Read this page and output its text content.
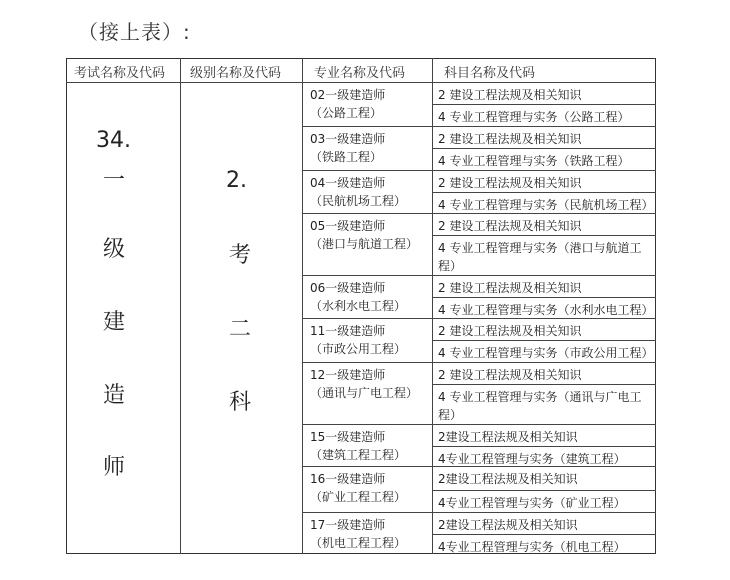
（接上表）:
考试名称及代码 级别名称及代码	专业名称及代码	科目名称及代码
34.
一
级
建
造
师
2.
考
二
科
02一级建造师
（公路工程）
2 建设工程法规及相关知识
4 专业工程管理与实务（公路工程）
03一级建造师
（铁路工程）
2 建设工程法规及相关知识
4 专业工程管理与实务（铁路工程）
04一级建造师
（民航机场工程）
2 建设工程法规及相关知识
4 专业工程管理与实务（民航机场工程）
05一级建造师
（港口与航道工程）
2 建设工程法规及相关知识
4 专业工程管理与实务（港口与航道工
程）
06一级建造师
（水利水电工程）
2 建设工程法规及相关知识
4 专业工程管理与实务（水利水电工程）
11一级建造师
（市政公用工程）
2 建设工程法规及相关知识
4 专业工程管理与实务（市政公用工程）
12一级建造师
（通讯与广电工程）
2 建设工程法规及相关知识
4 专业工程管理与实务（通讯与广电工
程）
15一级建造师
（建筑工程工程）
2建设工程法规及相关知识
4专业工程管理与实务（建筑工程）
16一级建造师
（矿业工程工程）
2建设工程法规及相关知识
4专业工程管理与实务（矿业工程）
17一级建造师
（机电工程工程）
2建设工程法规及相关知识
4专业工程管理与实务（机电工程）
